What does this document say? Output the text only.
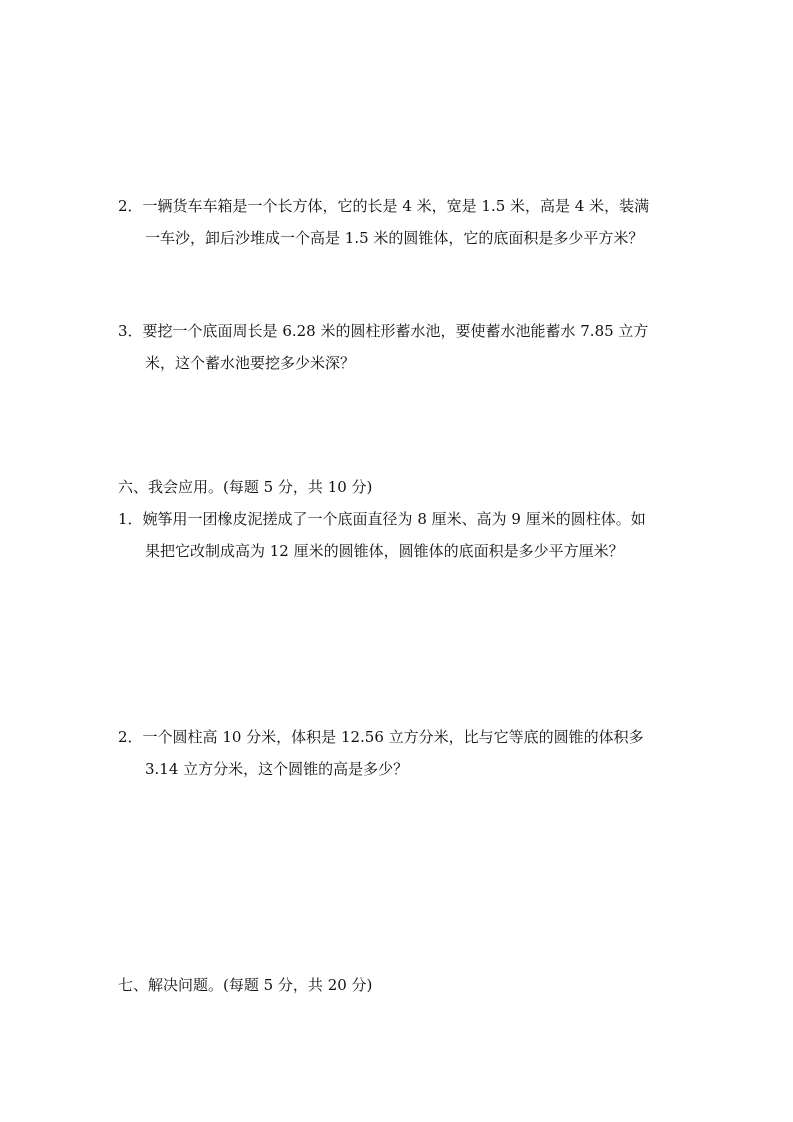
2．一辆货车车箱是一个长方体，它的长是 4 米，宽是 1.5 米，高是 4 米，装满
一车沙，卸后沙堆成一个高是 1.5 米的圆锥体，它的底面积是多少平方米？
3．要挖一个底面周长是 6.28 米的圆柱形蓄水池，要使蓄水池能蓄水 7.85 立方
米，这个蓄水池要挖多少米深？
六、我会应用。(每题 5 分，共 10 分)
1．婉筝用一团橡皮泥搓成了一个底面直径为 8 厘米、高为 9 厘米的圆柱体。如
果把它改制成高为 12 厘米的圆锥体，圆锥体的底面积是多少平方厘米？
2．一个圆柱高 10 分米，体积是 12.56 立方分米，比与它等底的圆锥的体积多
3.14 立方分米，这个圆锥的高是多少？
七、解决问题。(每题 5 分，共 20 分)
